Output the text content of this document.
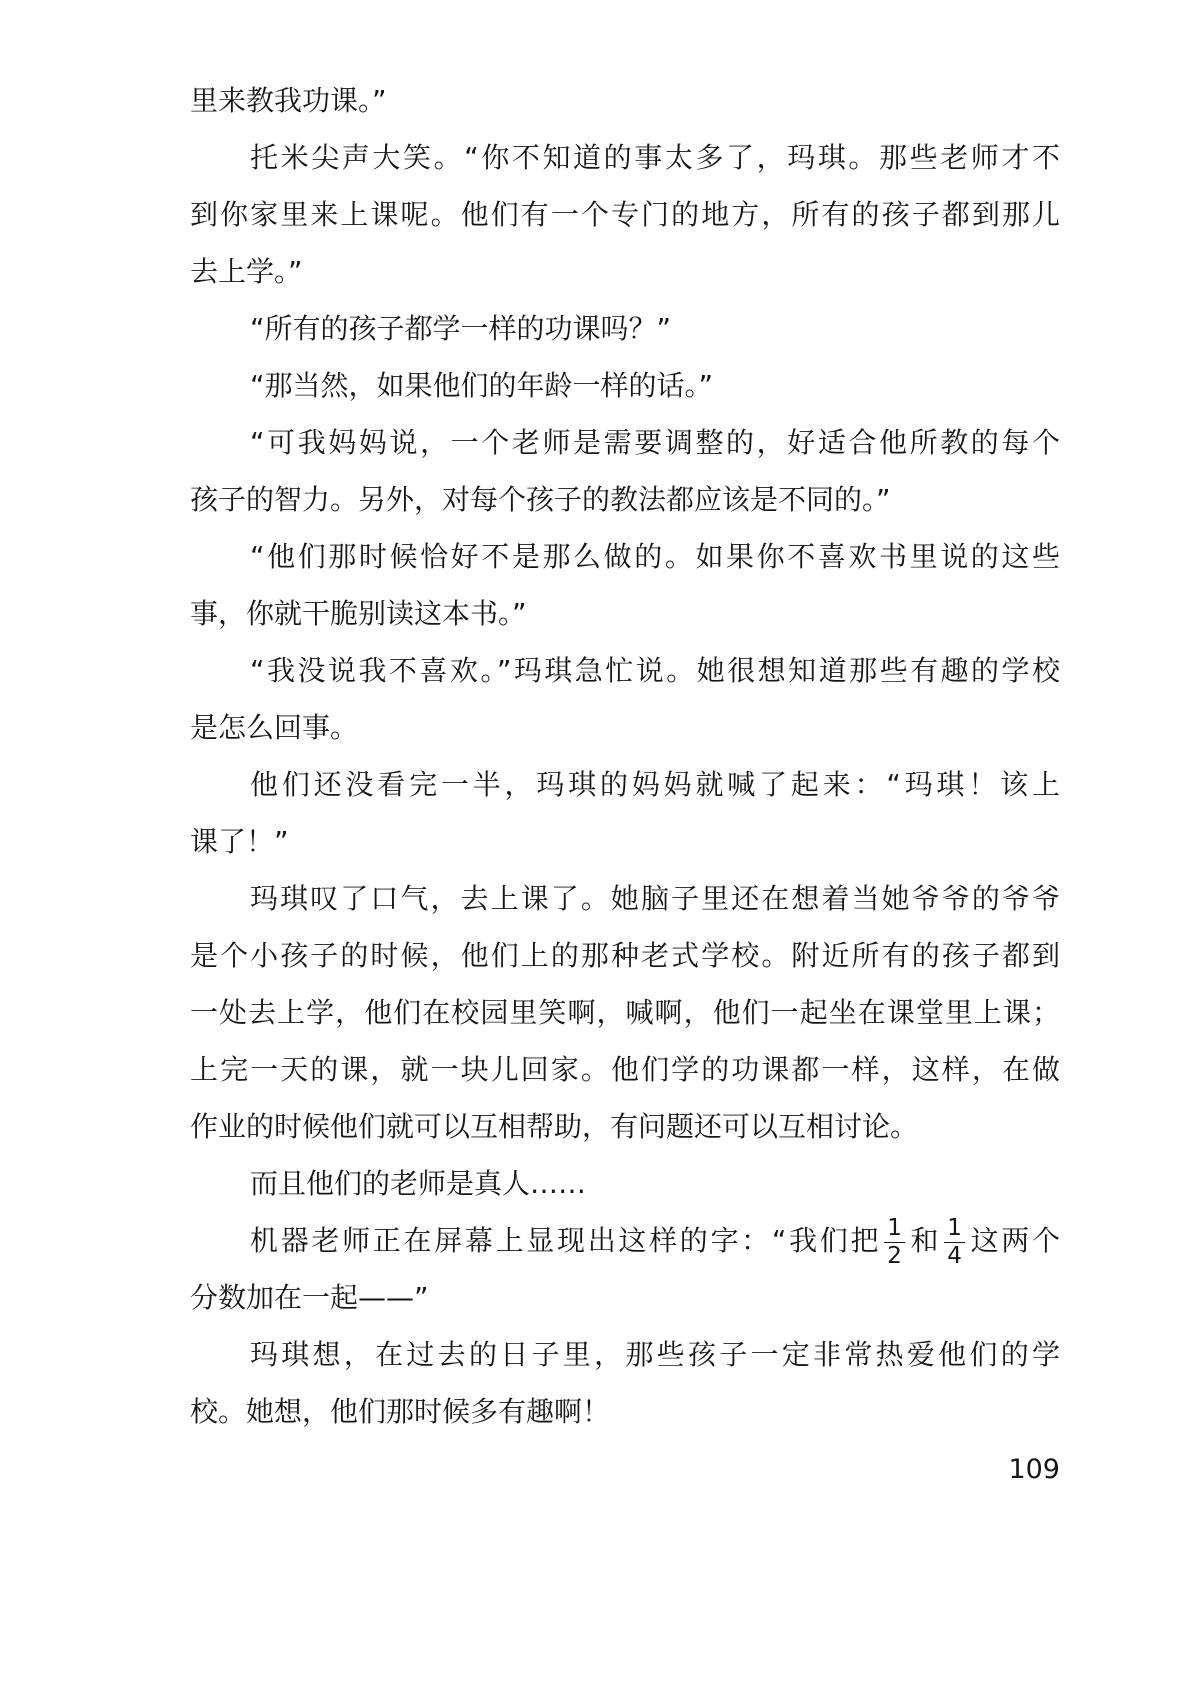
里来教我功课。”
托米尖声大笑。“你不知道的事太多了，玛琪。那些老师才不
到你家里来上课呢。他们有一个专门的地方，所有的孩子都到那儿
去上学。”
“所有的孩子都学一样的功课吗？”
“那当然，如果他们的年龄一样的话。”
“可我妈妈说，一个老师是需要调整的，好适合他所教的每个
孩子的智力。另外，对每个孩子的教法都应该是不同的。”
“他们那时候恰好不是那么做的。如果你不喜欢书里说的这些
事，你就干脆别读这本书。”
“我没说我不喜欢。”玛琪急忙说。她很想知道那些有趣的学校
是怎么回事。
他们还没看完一半，玛琪的妈妈就喊了起来：“玛琪！该上
课了！”
玛琪叹了口气，去上课了。她脑子里还在想着当她爷爷的爷爷
是个小孩子的时候，他们上的那种老式学校。附近所有的孩子都到
一处去上学，他们在校园里笑啊，喊啊，他们一起坐在课堂里上课；
上完一天的课，就一块儿回家。他们学的功课都一样，这样，在做
作业的时候他们就可以互相帮助，有问题还可以互相讨论。
而且他们的老师是真人……
机器老师正在屏幕上显现出这样的字：“我们把 $\frac{1}{2}$ 和 $\frac{1}{4}$ 这两个
分数加在一起——”
玛琪想，在过去的日子里，那些孩子一定非常热爱他们的学
校。她想，他们那时候多有趣啊！
109
